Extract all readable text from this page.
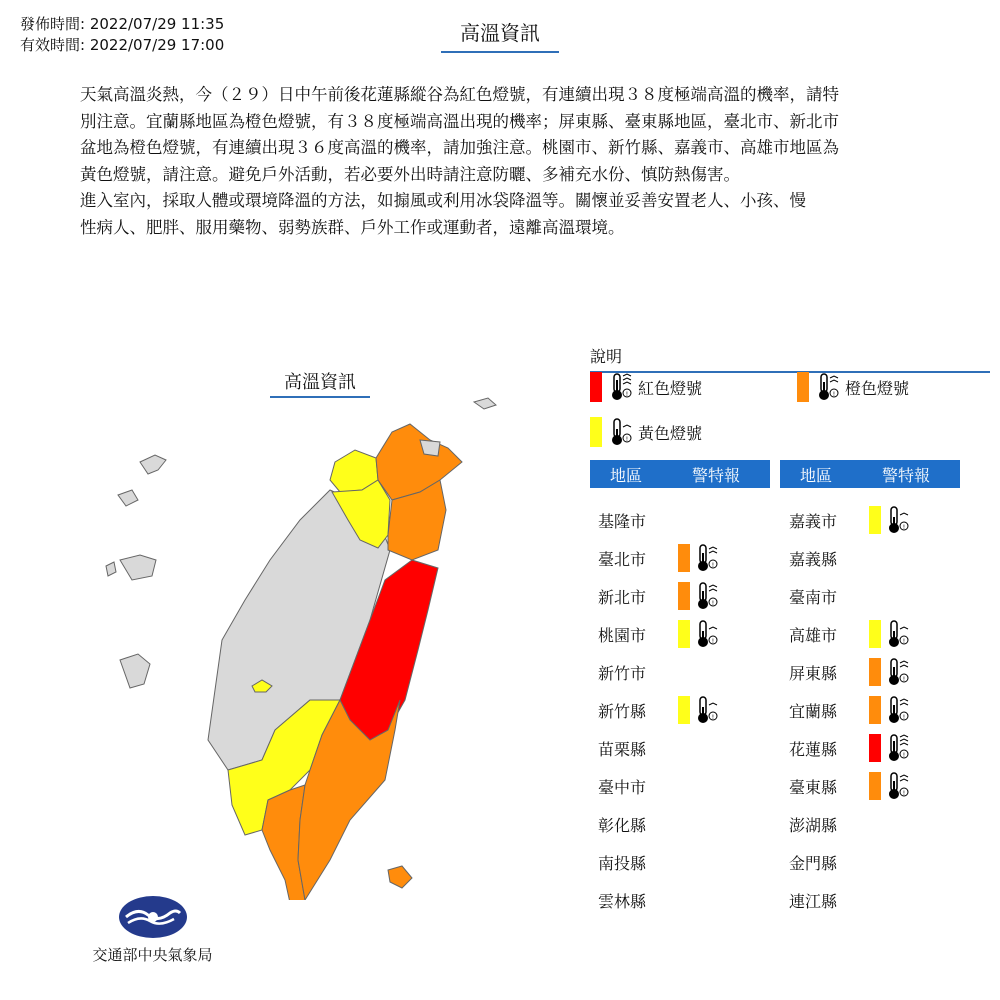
發佈時間: 2022/07/29 11:35
有效時間: 2022/07/29 17:00	高溫資訊

天氣高溫炎熱，今（２９）日中午前後花蓮縣縱谷為紅色燈號，有連續出現３８度極端高溫的機率，請特

別注意。宜蘭縣地區為橙色燈號，有３８度極端高溫出現的機率；屏東縣、臺東縣地區，臺北市、新北市

盆地為橙色燈號，有連續出現３６度高溫的機率，請加強注意。桃園市、新竹縣、嘉義市、高雄市地區為

黃色燈號，請注意。避免戶外活動，若必要外出時請注意防曬、多補充水份、慎防熱傷害。

進入室內，採取人體或環境降溫的方法，如搧風或利用冰袋降溫等。關懷並妥善安置老人、小孩、慢

性病人、肥胖、服用藥物、弱勢族群、戶外工作或運動者，遠離高溫環境。

高溫資訊
說明
! 紅色燈號	! 橙色燈號
! 黃色燈號
地區	警特報	地區	警特報
基隆市
臺北市	!
新北市	!
桃園市	!
新竹市
新竹縣	!
苗栗縣
臺中市
彰化縣
南投縣
雲林縣
嘉義市	!
嘉義縣
臺南市
高雄市	!
屏東縣	!
宜蘭縣	!
花蓮縣	!
臺東縣	!
澎湖縣
金門縣
連江縣
交通部中央氣象局
